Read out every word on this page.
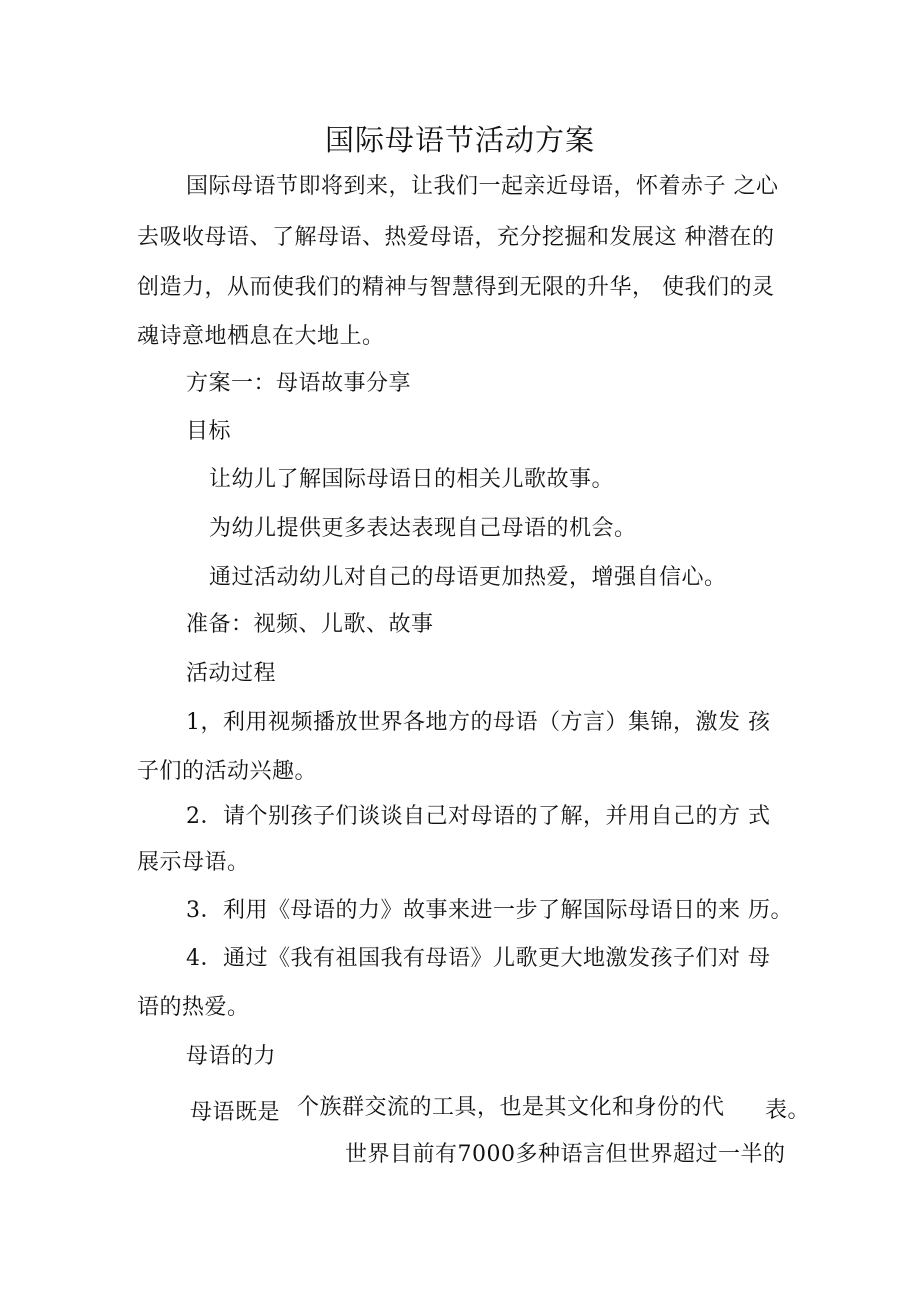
国际母语节活动方案
国际母语节即将到来，让我们一起亲近母语，怀着赤子 之心
去吸收母语、了解母语、热爱母语，充分挖掘和发展这 种潜在的
创造力，从而使我们的精神与智慧得到无限的升华， 使我们的灵
魂诗意地栖息在大地上。
方案一：母语故事分享
目标
让幼儿了解国际母语日的相关儿歌故事。
为幼儿提供更多表达表现自己母语的机会。
通过活动幼儿对自己的母语更加热爱，增强自信心。
准备：视频、儿歌、故事
活动过程
1，利用视频播放世界各地方的母语（方言）集锦，激发 孩
子们的活动兴趣。
2．请个别孩子们谈谈自己对母语的了解，并用自己的方 式
展示母语。
3．利用《母语的力》故事来进一步了解国际母语日的来 历。
4．通过《我有祖国我有母语》儿歌更大地激发孩子们对 母
语的热爱。
母语的力
母语既是 个族群交流的工具，也是其文化和身份的代 表。
世界目前有7000多种语言但世界超过一半的
